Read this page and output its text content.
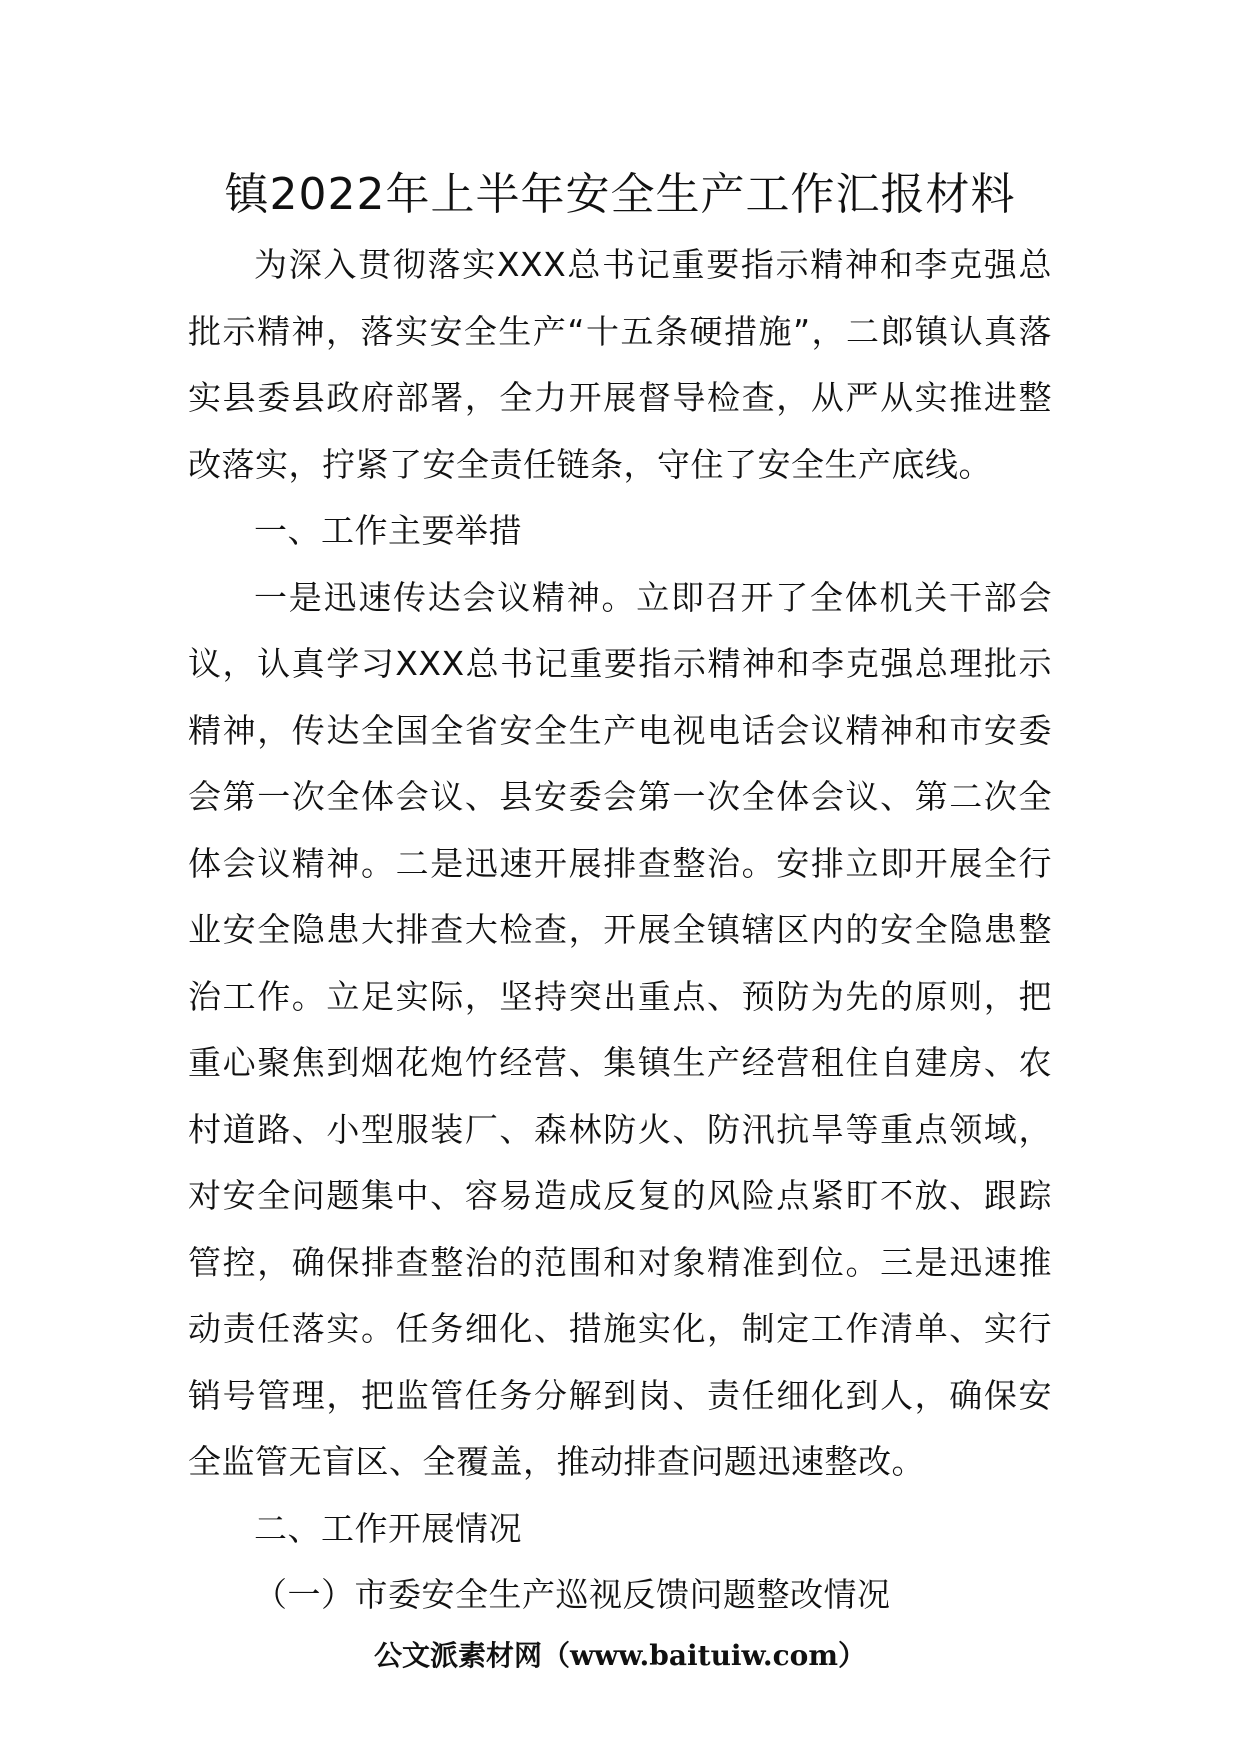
镇2022年上半年安全生产工作汇报材料

为深入贯彻落实XXX总书记重要指示精神和李克强总批示精神，落实安全生产“十五条硬措施”，二郎镇认真落实县委县政府部署，全力开展督导检查，从严从实推进整改落实，拧紧了安全责任链条，守住了安全生产底线。

一、工作主要举措

一是迅速传达会议精神。立即召开了全体机关干部会议，认真学习XXX总书记重要指示精神和李克强总理批示精神，传达全国全省安全生产电视电话会议精神和市安委会第一次全体会议、县安委会第一次全体会议、第二次全体会议精神。二是迅速开展排查整治。安排立即开展全行业安全隐患大排查大检查，开展全镇辖区内的安全隐患整治工作。立足实际，坚持突出重点、预防为先的原则，把重心聚焦到烟花炮竹经营、集镇生产经营租住自建房、农村道路、小型服装厂、森林防火、防汛抗旱等重点领域，对安全问题集中、容易造成反复的风险点紧盯不放、跟踪管控，确保排查整治的范围和对象精准到位。三是迅速推动责任落实。任务细化、措施实化，制定工作清单、实行销号管理，把监管任务分解到岗、责任细化到人，确保安全监管无盲区、全覆盖，推动排查问题迅速整改。

二、工作开展情况

（一）市委安全生产巡视反馈问题整改情况

公文派素材网（www.baituiw.com）
